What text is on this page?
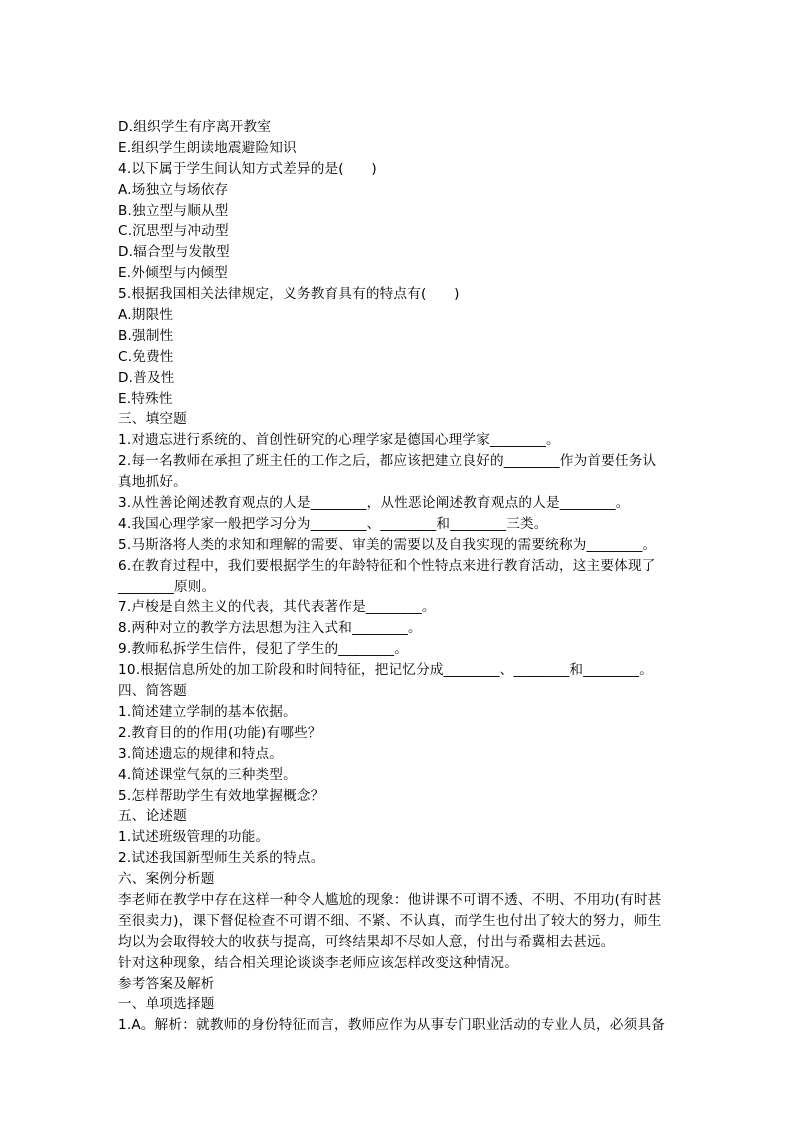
D.组织学生有序离开教室
E.组织学生朗读地震避险知识
4.以下属于学生间认知方式差异的是(　　)
A.场独立与场依存
B.独立型与顺从型
C.沉思型与冲动型
D.辐合型与发散型
E.外倾型与内倾型
5.根据我国相关法律规定，义务教育具有的特点有(　　)
A.期限性
B.强制性
C.免费性
D.普及性
E.特殊性
三、填空题
1.对遗忘进行系统的、首创性研究的心理学家是德国心理学家________。
2.每一名教师在承担了班主任的工作之后，都应该把建立良好的________作为首要任务认
真地抓好。
3.从性善论阐述教育观点的人是________，从性恶论阐述教育观点的人是________。
4.我国心理学家一般把学习分为________、________和________三类。
5.马斯洛将人类的求知和理解的需要、审美的需要以及自我实现的需要统称为________。
6.在教育过程中，我们要根据学生的年龄特征和个性特点来进行教育活动，这主要体现了
________原则。
7.卢梭是自然主义的代表，其代表著作是________。
8.两种对立的教学方法思想为注入式和________。
9.教师私拆学生信件，侵犯了学生的________。
10.根据信息所处的加工阶段和时间特征，把记忆分成________、________和________。
四、简答题
1.简述建立学制的基本依据。
2.教育目的的作用(功能)有哪些？
3.简述遗忘的规律和特点。
4.简述课堂气氛的三种类型。
5.怎样帮助学生有效地掌握概念？
五、论述题
1.试述班级管理的功能。
2.试述我国新型师生关系的特点。
六、案例分析题
李老师在教学中存在这样一种令人尴尬的现象：他讲课不可谓不透、不明、不用功(有时甚
至很卖力)，课下督促检查不可谓不细、不紧、不认真，而学生也付出了较大的努力，师生
均以为会取得较大的收获与提高，可终结果却不尽如人意，付出与希冀相去甚远。
针对这种现象，结合相关理论谈谈李老师应该怎样改变这种情况。
参考答案及解析
一、单项选择题
1.A。解析：就教师的身份特征而言，教师应作为从事专门职业活动的专业人员，必须具备
